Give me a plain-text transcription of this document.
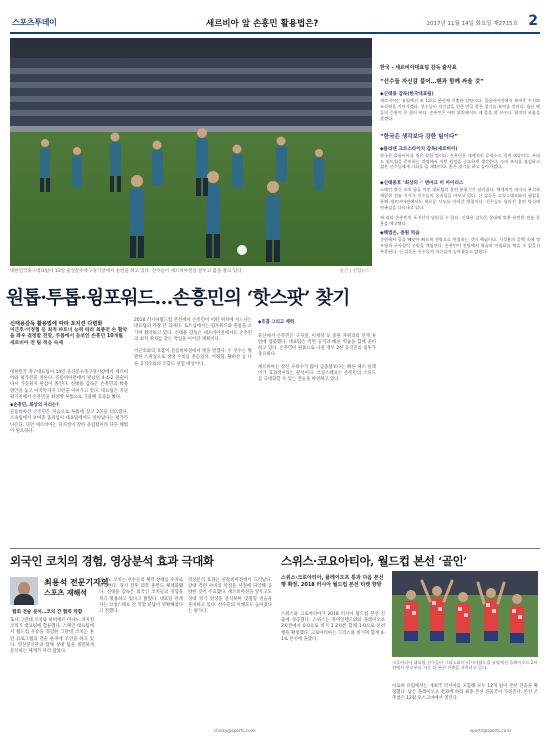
스포츠투데이	세르비아 앞 손흥민 활용법은?	2017년 11월 14일 화요일 제2715호 2
대한민국축구대표팀이 13일 울산문수축구경기장에서 훈련을 하고 있다. 선수들이 세르비아전을 앞두고 몸을 풀고 있다.	울산 | 연합뉴스
원톱·투톱·윙포워드…손흥민의 ‘핫스팟’ 찾기
신태용감독 활용법에 따라 포지션 다변화
이근호·이정협 등 최적 파트너 능력 따라 최종전 손 활약을 좌우 결정할 전망, 투톱에서 돋보인 손흥민 10개월 세르비아 전 팀 적응 숙제
대한민국 축구대표팀이 14일 울산문수축구경기장에서 세르비아와 평가전을 치른다. 콜롬비아전에서 빛났던 4-4-2 전술이 다시 가동될지 관심이 쏠린다. 신태용 감독은 손흥민의 활용 방안을 놓고 마지막까지 고민을 이어가고 있다. 대표팀은 지난 평가전에서 손흥민을 최전방 투톱으로 기용해 효과를 봤다.
◆손흥민, 최상의 자리는?
콜롬비아전 손흥민은 처음으로 투톱에 섰고 2골을 터뜨렸다. 소속팀에서 보여준 움직임이 대표팀에서도 살아났다는 평가가 나온다. 다만 세르비아는 피지컬이 강한 유럽팀이라 다른 해법이 필요하다.

2018 러시아월드컵 본선에서 손흥민이 어떤 위치에 서느냐는 대표팀의 가장 큰 과제다. 토트넘에서는 윙포워드와 원톱을 오가며 활약하고 있다. 신태용 감독은 세르비아전에서도 손흥민의 최적 위치를 찾는 작업을 이어갈 계획이다.

이근호와의 호흡이 콜롬비아전에서 빛을 발했다. 두 선수는 활발한 스위칭으로 상대 수비를 흔들었다. 이정협, 황희찬 등 다른 공격수와의 조합도 실험 대상이다.

◆호흡 그리고 체력

울산에서 손흥민은 구자철, 이재성 등 중원 자원과의 연계 훈련에 집중했다. 대표팀은 측면 공격과 빠른 역습을 함께 준비하고 있다. 손흥민이 원톱으로 나설 경우 2선 공격진의 침투가 중요하다.

세르비아는 장신 수비수가 많아 공중볼보다는 빠른 패스 플레이가 효과적이라는 분석이다. 코칭스태프는 손흥민의 스피드를 극대화할 수 있는 전술을 마련하고 있다.

한국 - 세르비아대표팀 감독 출사표
“선수들 자신감 붙어…팬과 함께 싸울 것”
◆신태용 감독(한국대표팀)
세르비아는 유럽예선 조 1위로 본선에 진출한 강팀이다. 콜롬비아전에서 보여준 투지와 조직력을 이어가겠다. 선수들이 자신감을 얻은 만큼 좋은 경기를 보여줄 것이다. 울산 팬들의 응원이 큰 힘이 된다. 손흥민은 어떤 위치에서도 제 몫을 할 선수다. 최적의 조합을 찾겠다.
“한국은 생각보다 강한 팀이다”
◆믈라덴 크르스타이치 감독(세르비아)
한국은 콜롬비아를 꺾은 강한 팀이다. 손흥민은 세계적인 공격수로 경계 대상이다. 우리도 월드컵을 준비하는 과정에서 이번 원정을 중요하게 생각한다. 수비 조직을 점검하고 젊은 선수들에게 기회를 줄 계획이다. 좋은 경기를 하고 돌아가겠다.
◆신태용호 ‘최상의 ·’ 덴마크 미 아이리스
스페인 출신 코치 합류 이후 대표팀의 훈련 분위기가 달라졌다. 체계적인 데이터 분석과 세밀한 전술 지시가 선수들의 움직임을 바꾸고 있다. 신 감독은 코칭스태프와의 협업을 통해 세르비아전에서도 새로운 시도를 이어갈 방침이다. 선수들도 달라진 훈련 방식에 만족감을 나타내고 있다.
에 따라 손흥민의 포지션이 달라질 수 있다. 신태용 감독은 상대에 맞춘 유연한 전술 운용을 예고했다.
◆해법은, 중원 역습
중원에서 공을 빼앗아 빠르게 전방으로 연결하는 것이 핵심이다. 기성용의 공백 속에 정우영과 구자철이 중원을 책임진다. 손흥민이 전방에서 역습의 마침표를 찍을 수 있을지 주목된다. 신 감독은 선수들의 자신감이 높아졌다고 밝혔다.
외국인 코치의 경험, 영상분석 효과 극대화
최용석 전문기자의
스포츠 재해석
협회 전술 분석…코치 간 협력 역할
토니 그란데 코치와 하비에르 미냐노 피지컬 코치가 대표팀에 합류했다. 스페인 대표팀에서 월드컵 우승을 경험한 그란데 코치는 훈련 프로그램과 전술 운영에 조언을 하고 있다. 영상분석관과 함께 상대 팀을 세밀하게 분석하는 체계가 자리 잡았다.
미냐노 코치는 선수들의 체력 상태를 수치로 관리한다. 경기 전후 회복 훈련도 체계화됐다. 신태용 감독은 외국인 코치들의 경험을 적극 활용하고 있다고 밝혔다. 대표팀 관계자는 코칭스태프 간 역할 분담이 명확해졌다고 전했다.
영상분석 효과는 콜롬비아전에서 드러났다. 상대 측면 수비의 약점을 사전에 파악해 공략한 것이 주효했다. 세르비아전을 앞두고도 상대 경기 영상을 분석하며 맞춤형 전술을 준비하고 있다. 선수들의 이해도도 높아졌다는 평가다.
choisy@sports.co.kr
스위스·코요아티아, 월드컵 본선 ‘골인’
스위스·크로아티아, 플레이오프 통과 다음 본선행 확정. 2018 러시아 월드컵 본선 티켓 향방
크로아티아 대표팀 선수들이 그리스와의 러시아월드컵 유럽예선 플레이오프 2차전에서 무승부를 거둔 뒤 본선 진출을 자축하고 있다.
스위스와 크로아티아가 2018 러시아 월드컵 본선 진출에 성공했다. 스위스는 북아일랜드와의 플레이오프 2차전에서 0-0으로 비겨 1·2차전 합계 1-0으로 본선행을 확정했다. 크로아티아는 그리스와 비기며 합계 4-1로 본선에 올랐다.
이로써 유럽에서는 개최국 러시아를 포함해 모두 12개 팀이 본선 진출을 확정했다. 남은 플레이오프 결과에 따라 최종 본선 진출국이 가려진다. 본선 조추첨은 12월 모스크바에서 열린다.
sports@sports.co.kr
